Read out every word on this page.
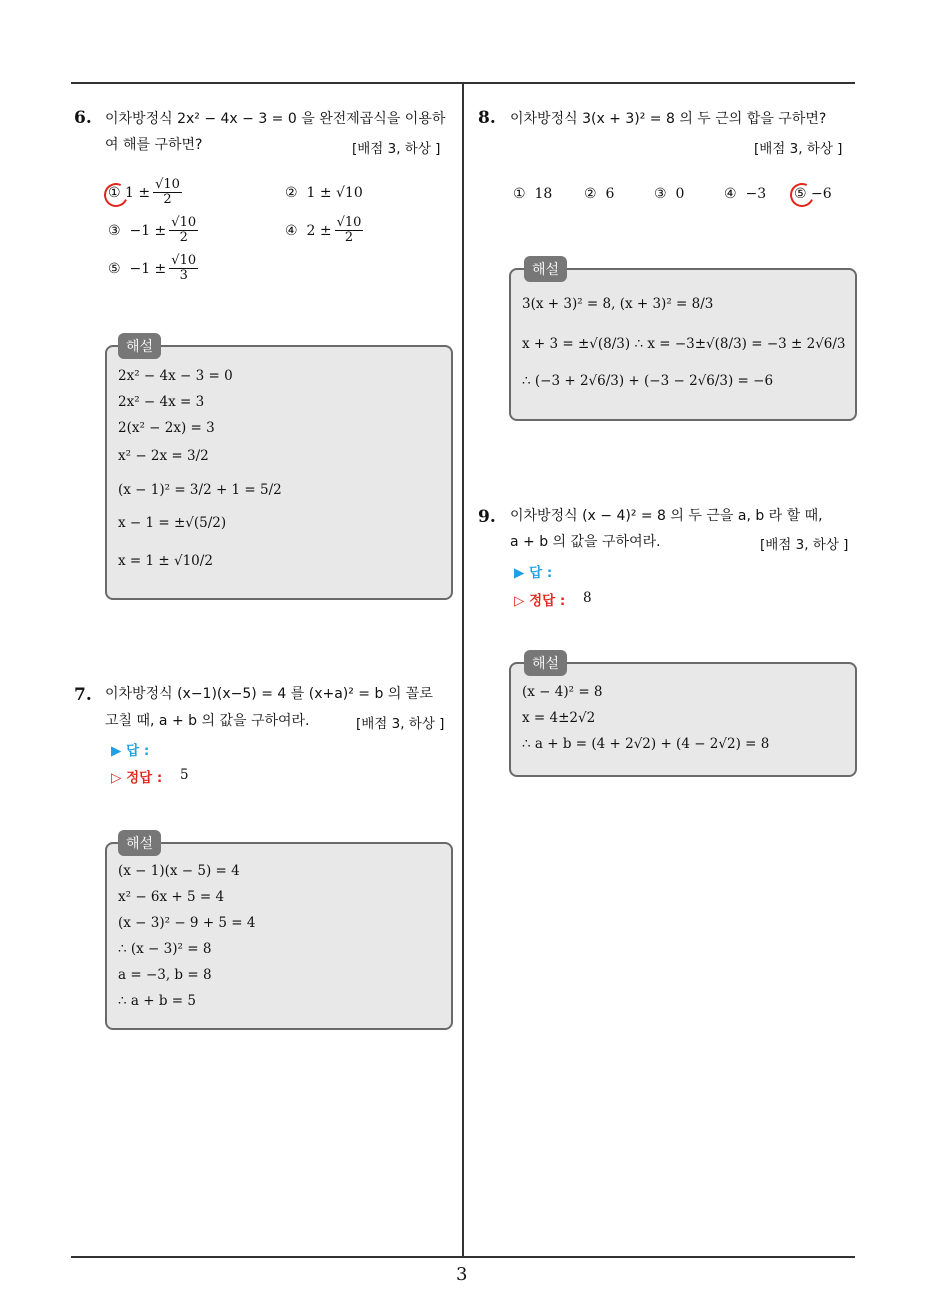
3
6. 이차방정식 2x² − 4x − 3 = 0 을 완전제곱식을 이용하
여 해를 구하면?	[배점 3, 하상 ]
①
$1 \pm \frac{√10}{2}$	②
1 ± √10
③
$-1 \pm \frac{√10}{2}$	④
$2 \pm \frac{√10}{2}$
⑤
$-1 \pm \frac{√10}{3}$
해설
2x² − 4x − 3 = 0
2x² − 4x = 3
2(x² − 2x) = 3
x² − 2x = 3/2
(x − 1)² = 3/2 + 1 = 5/2
x − 1 = ±√(5/2)
x = 1 ± √10/2
7. 이차방정식 (x−1)(x−5) = 4 를 (x+a)² = b 의 꼴로
고칠 때, a + b 의 값을 구하여라.	[배점 3, 하상 ]
▶ 답 :
▷ 정답 : 5
해설
(x − 1)(x − 5) = 4
x² − 6x + 5 = 4
(x − 3)² − 9 + 5 = 4
∴ (x − 3)² = 8
a = −3, b = 8
∴ a + b = 5
8. 이차방정식 3(x + 3)² = 8 의 두 근의 합을 구하면?
[배점 3, 하상 ]
①
18 ②
6	③
0	④
−3 ⑤
−6
해설
3(x + 3)² = 8, (x + 3)² = 8/3
x + 3 = ±√(8/3) ∴ x = −3±√(8/3) = −3 ± 2√6/3
∴ (−3 + 2√6/3) + (−3 − 2√6/3) = −6
9. 이차방정식 (x − 4)² = 8 의 두 근을 a, b 라 할 때,
a + b 의 값을 구하여라.	[배점 3, 하상 ]
▶ 답 :
▷ 정답 : 8
해설
(x − 4)² = 8
x = 4±2√2
∴ a + b = (4 + 2√2) + (4 − 2√2) = 8
